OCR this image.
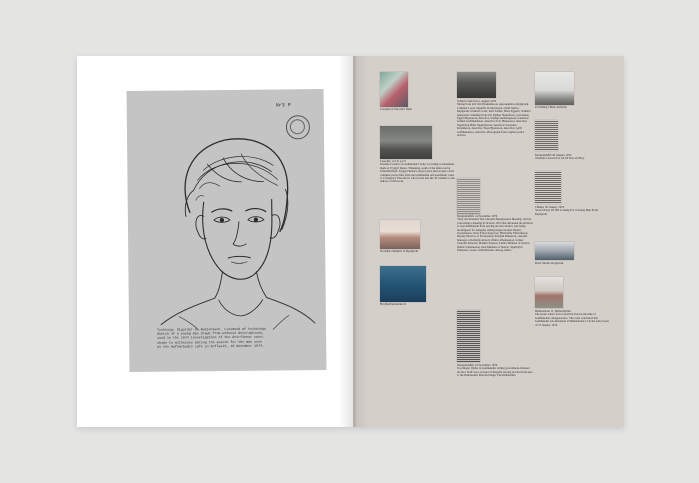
Nr3 P
Teikning: Sigurdur G. Gudjonsson. Ljosmynd af teikningu
Sketch of a young man drawn from witness descriptions,
used in the 1974 investigation of the Geirfinnur case;
shown to witnesses during the search for the man seen
at the Hafnarbudin cafe in Keflavik, 19 November 1974.
Conspiracy Theorist's Desk
Case-file, vol. 8, p.171
Possible location of Gudmundur's body, according to statements made to Tryggvi Runar. Tiltekning, south of the main road at Ulfarsfellsland. Tryggvi Runar's lawyer gave photocopies of the complete police files from the Gudmundur and Geirfinnur cases to Conspiracy Theorist #1 who in turn lent the 30 volumes to the authors of this book.
Stockfish Outskirts of Reykjavik
Hvalfjarðarstrandur #1
Schütz's Task Force, August 1976
Sitting from left: Orn Hoskuldsson, representative, Reykjavik Criminal Court; Sigurður Þorbjörnsson, Chief Justice, Reykjavik Criminal Court; Karl Schütz; Hans Eggertz, Schütz's interpreter. Standing from left: Eiríkur Sigurðsson, policeman; Eggert Bjarnason, detective; Steffán Gunnlaugsson, translator; Grímur Guðmundsson, detective; Ívar Hannesson, detective; Sigurbjörg Halla Sigurjónsson, detective; Þorsteinn Kristinsson, detective; Einar Bjarnason, detective; Gylfi Guðmundsson, detective. Photograph from original police archive.
Morgunblaðið, 14 November 1976
'They All Attended The Customs Headquarters Meeting.' Article concerning a meeting in October 1972 that discussed the decision to stop Klúbburinn from serving alcohol while it was being investigated for allegedly selling illegal alcohol. Bjarki Þorsteinsson, State Police Inspector; Hallvarður Einvarðsson, Deputy Director of Prosecution; Kristján Pétursson, customs manager at Keflavík Airport; Ólafur Jóhannesson, former Customs Director; Haukur Jónsson, former Minister of Justice; Ólafur Jóhannesson, then Minister of Justice; Sigurbjörn Eiríksson, owner of Klúbburinn, among others.
Morgunblaðið, 16 November 1976
Top image: Ólafur in Gudmundur calling government-licensed alcohol. Staff were accused of illegally serving alcohol from here to the Klúbburinn. Bottom image: The Klúbburinn
US Military Base, Keflavík
Morgunblaðið 26 January 1974
'Extensive Search For An 18 Year-old Boy'
Tíminn, 30 January 1974
'Search Party Of 200 Looking For A Young Man From Reykjavík'
River Mouth, Reykjavík
Hamarsbraut 11, Hafnarfjörður
The house where Sævar and Erla lived at the time of Gudmundur's disappearance. The court concluded that Gudmundur was murdered at Hamarsbraut 11 in the early hours of 27 January 1974.
